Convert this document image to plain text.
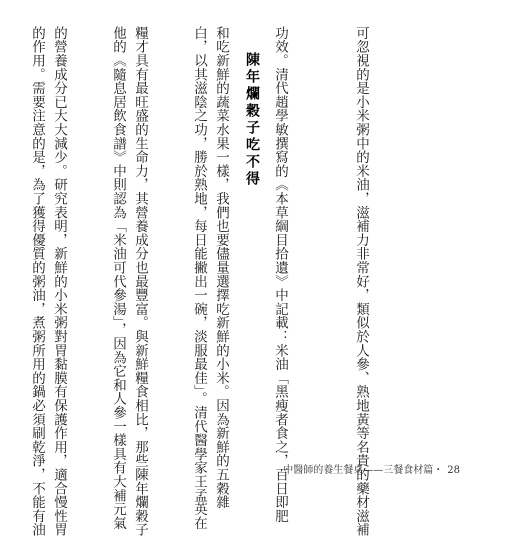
可忽視的是小米粥中的米油，滋補力非常好，類似於人參、熟地黃等名貴的藥材滋補

功效。清代趙學敏撰寫的《本草綱目拾遺》中記載：米油「黑瘦者食之，百日即肥

白，以其滋陰之功，勝於熟地，每日能撇出一碗，淡服最佳」。清代醫學家王孟英在

他的《隨息居飲食譜》中則認為「米油可代參湯」，因為它和人參一樣具有大補元氣

的作用。需要注意的是，為了獲得優質的粥油，煮粥所用的鍋必須刷乾淨，不能有油

	陳年爛穀子吃不得

和吃新鮮的蔬菜水果一樣，我們也要儘量選擇吃新鮮的小米。因為新鮮的五穀雜

糧才具有最旺盛的生命力，其營養成分也最豐富。與新鮮糧食相比，那些陳年爛穀子

的營養成分已大大減少。研究表明，新鮮的小米粥對胃黏膜有保護作用，適合慢性胃

	中醫師的養生餐桌——三餐食材篇・ 28
